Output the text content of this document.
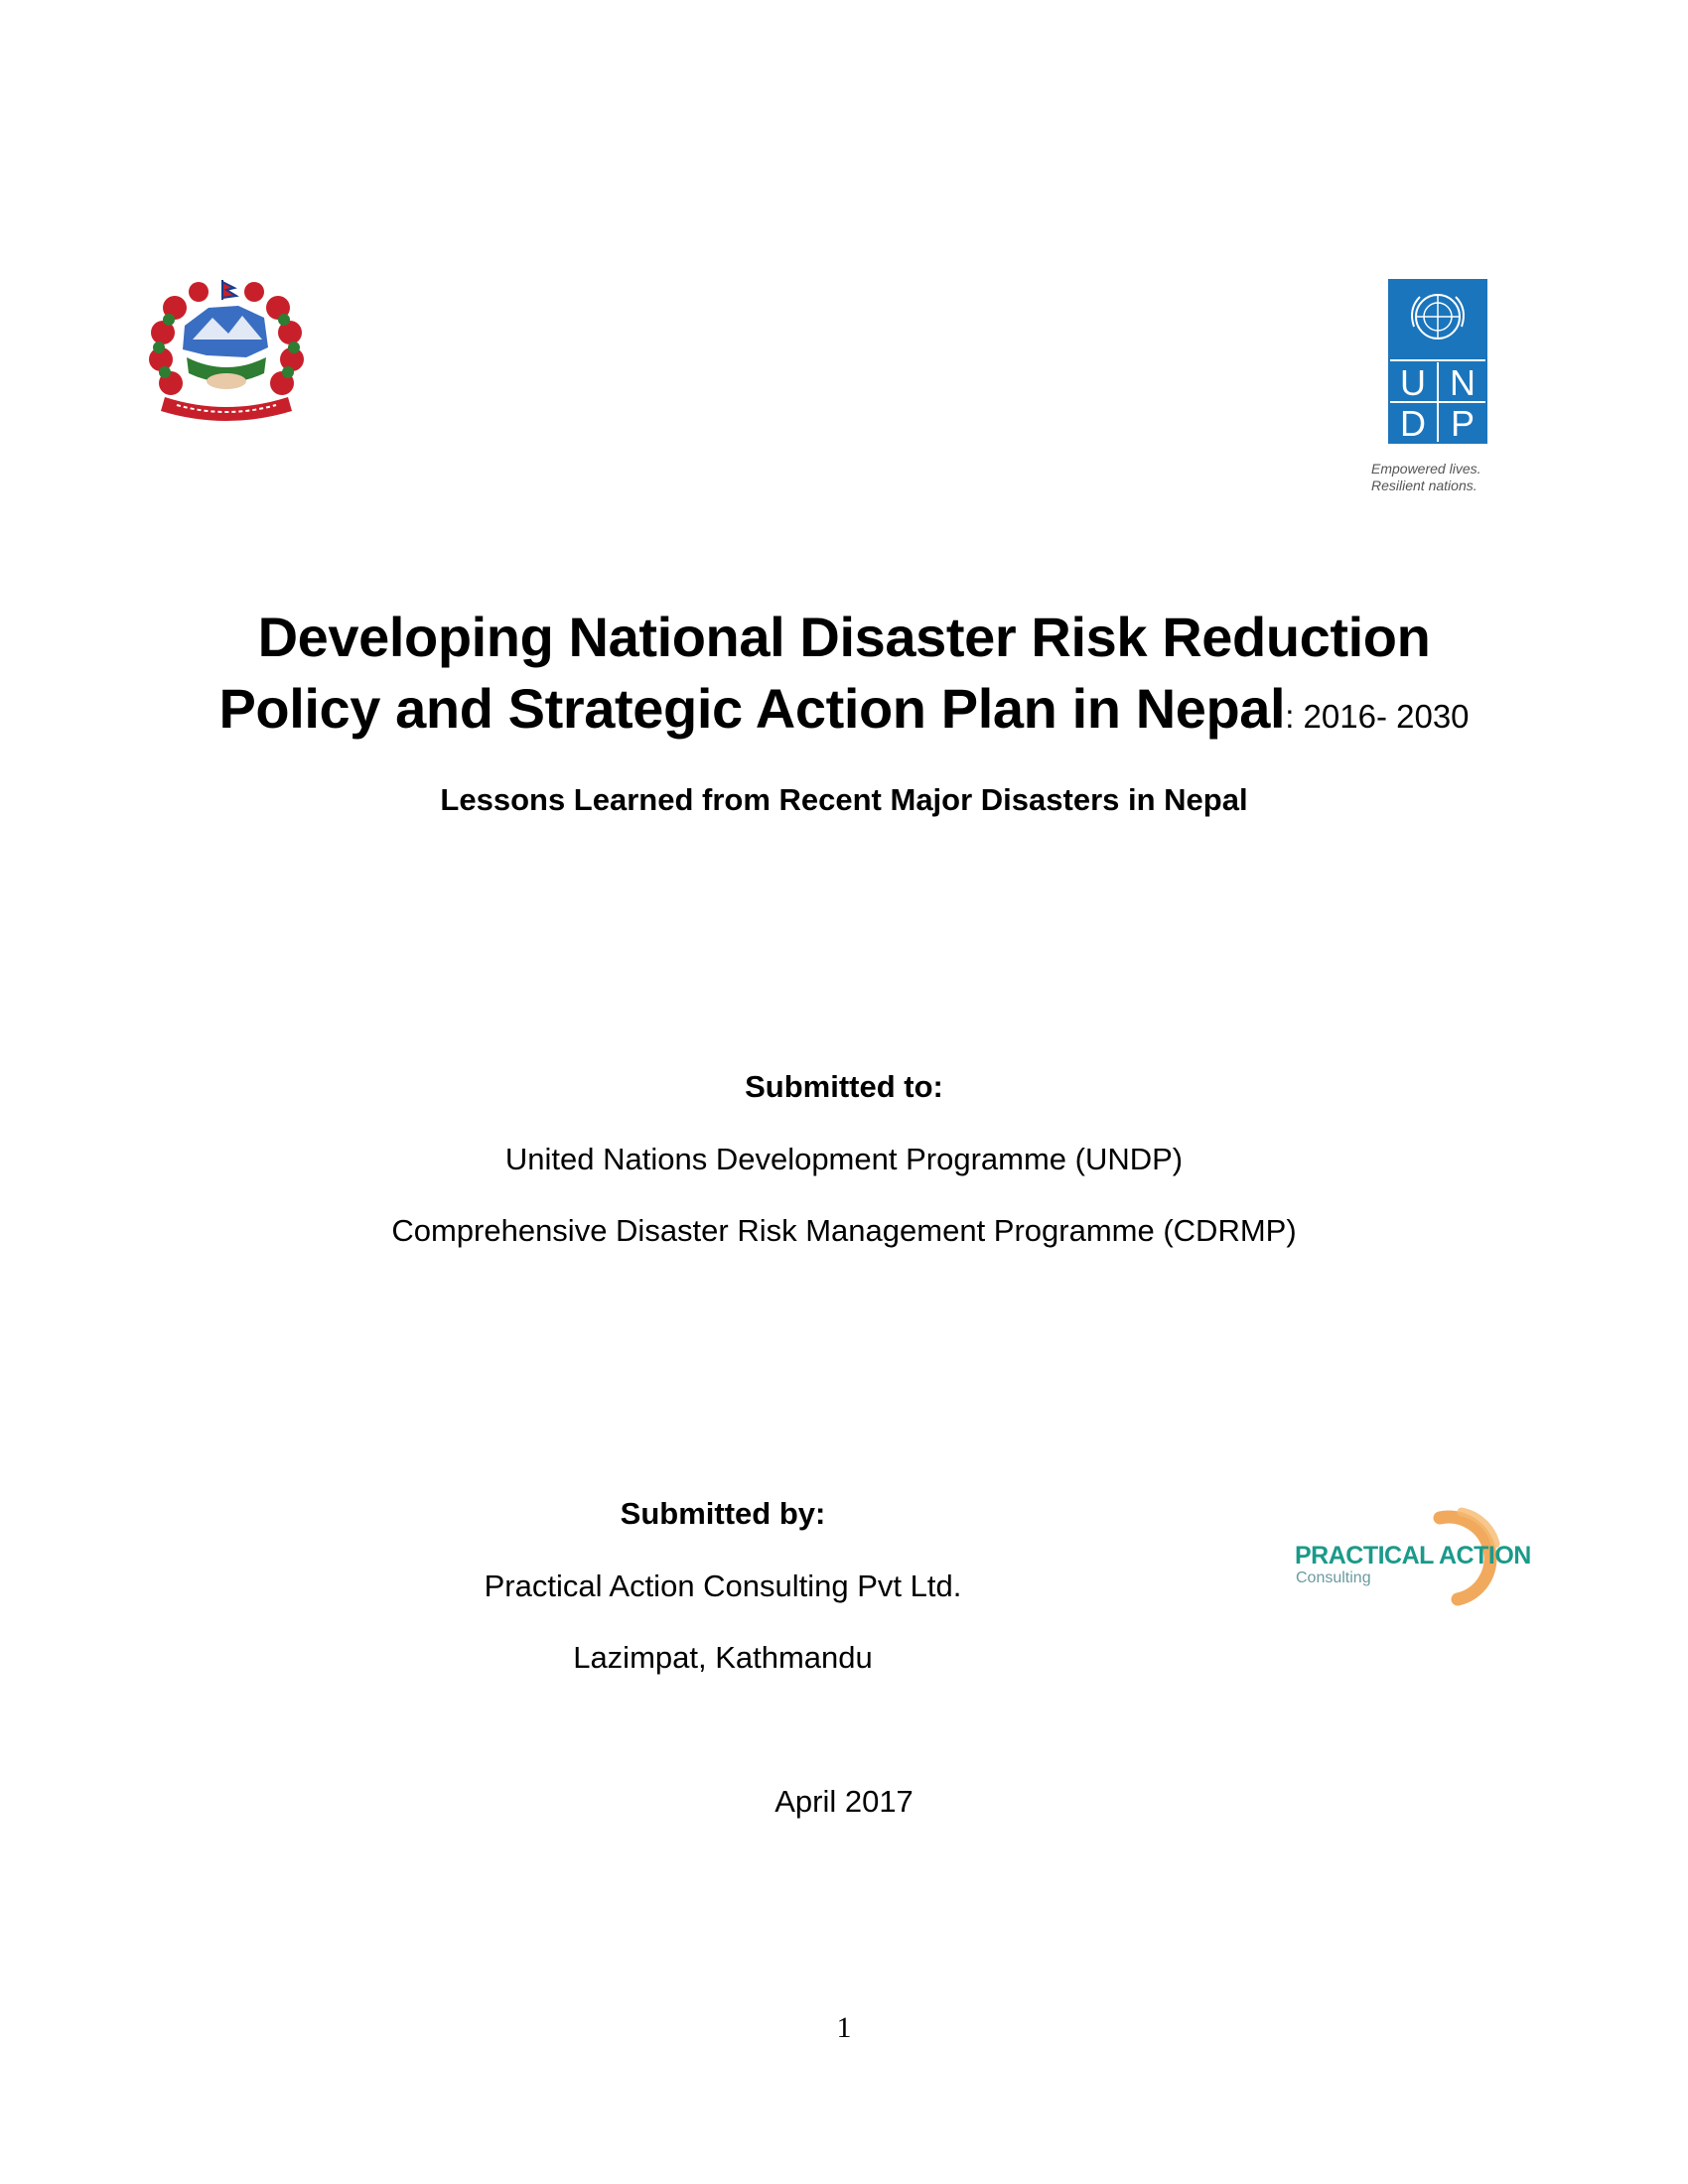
U N
D P
Empowered lives.
Resilient nations.
Developing National Disaster Risk Reduction
Policy and Strategic Action Plan in Nepal: 2016- 2030
Lessons Learned from Recent Major Disasters in Nepal
Submitted to:
United Nations Development Programme (UNDP)
Comprehensive Disaster Risk Management Programme (CDRMP)
Submitted by:
Practical Action Consulting Pvt Ltd.
Lazimpat, Kathmandu
PRACTICAL ACTION
Consulting
April 2017
1
